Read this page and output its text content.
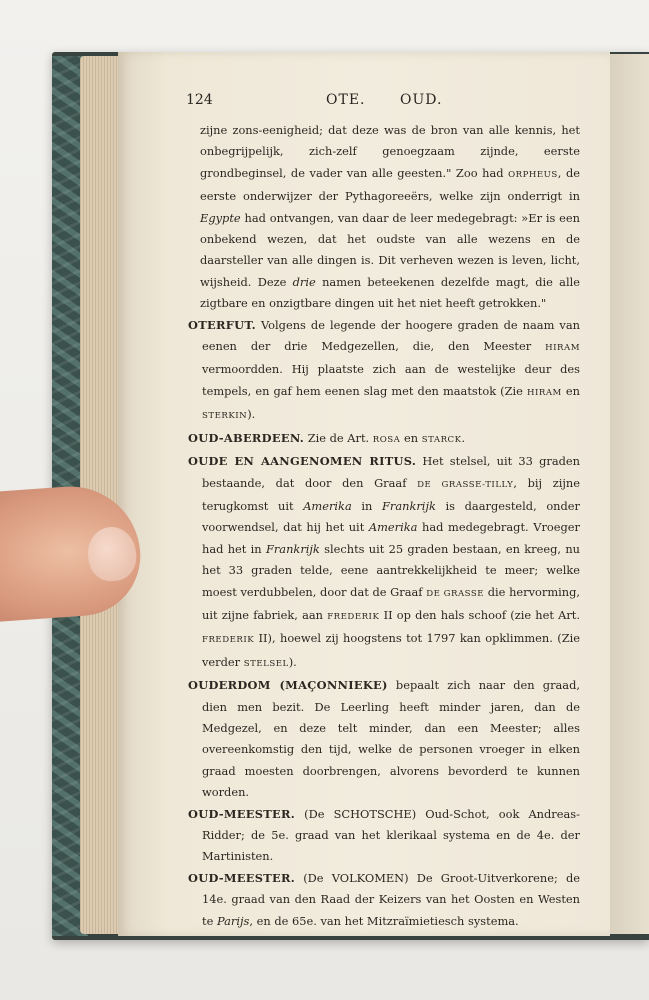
124	OTE. OUD.

zijne zons-eenigheid; dat deze was de bron van alle kennis, het onbegrijpelijk, zich-zelf genoegzaam zijnde, eerste grondbeginsel, de vader van alle geesten." Zoo had ORPHEUS, de eerste onderwijzer der Pythagoreeërs, welke zijn onderrigt in Egypte had ontvangen, van daar de leer medegebragt: »Er is een onbekend wezen, dat het oudste van alle wezens en de daarsteller van alle dingen is. Dit verheven wezen is leven, licht, wijsheid. Deze drie namen beteekenen dezelfde magt, die alle zigtbare en onzigtbare dingen uit het niet heeft getrokken."

OTERFUT. Volgens de legende der hoogere graden de naam van eenen der drie Medgezellen, die, den Meester HIRAM vermoordden. Hij plaatste zich aan de westelijke deur des tempels, en gaf hem eenen slag met den maatstok (Zie HIRAM en STERKIN).

OUD-ABERDEEN. Zie de Art. ROSA en STARCK.

OUDE EN AANGENOMEN RITUS. Het stelsel, uit 33 graden bestaande, dat door den Graaf DE GRASSE-TILLY, bij zijne terugkomst uit Amerika in Frankrijk is daargesteld, onder voorwendsel, dat hij het uit Amerika had medegebragt. Vroeger had het in Frankrijk slechts uit 25 graden bestaan, en kreeg, nu het 33 graden telde, eene aantrekkelijkheid te meer; welke moest verdubbelen, door dat de Graaf DE GRASSE die hervorming, uit zijne fabriek, aan FREDERIK II op den hals schoof (zie het Art. FREDERIK II), hoewel zij hoogstens tot 1797 kan opklimmen. (Zie verder STELSEL).

OUDERDOM (MAÇONNIEKE) bepaalt zich naar den graad, dien men bezit. De Leerling heeft minder jaren, dan de Medgezel, en deze telt minder, dan een Meester; alles overeenkomstig den tijd, welke de personen vroeger in elken graad moesten doorbrengen, alvorens bevorderd te kunnen worden.

OUD-MEESTER. (De SCHOTSCHE) Oud-Schot, ook Andreas-Ridder; de 5e. graad van het klerikaal systema en de 4e. der Martinisten.

OUD-MEESTER. (De VOLKOMEN) De Groot-Uitverkorene; de 14e. graad van den Raad der Keizers van het Oosten en Westen te Parijs, en de 65e. van het Mitzraïmietiesch systema.
